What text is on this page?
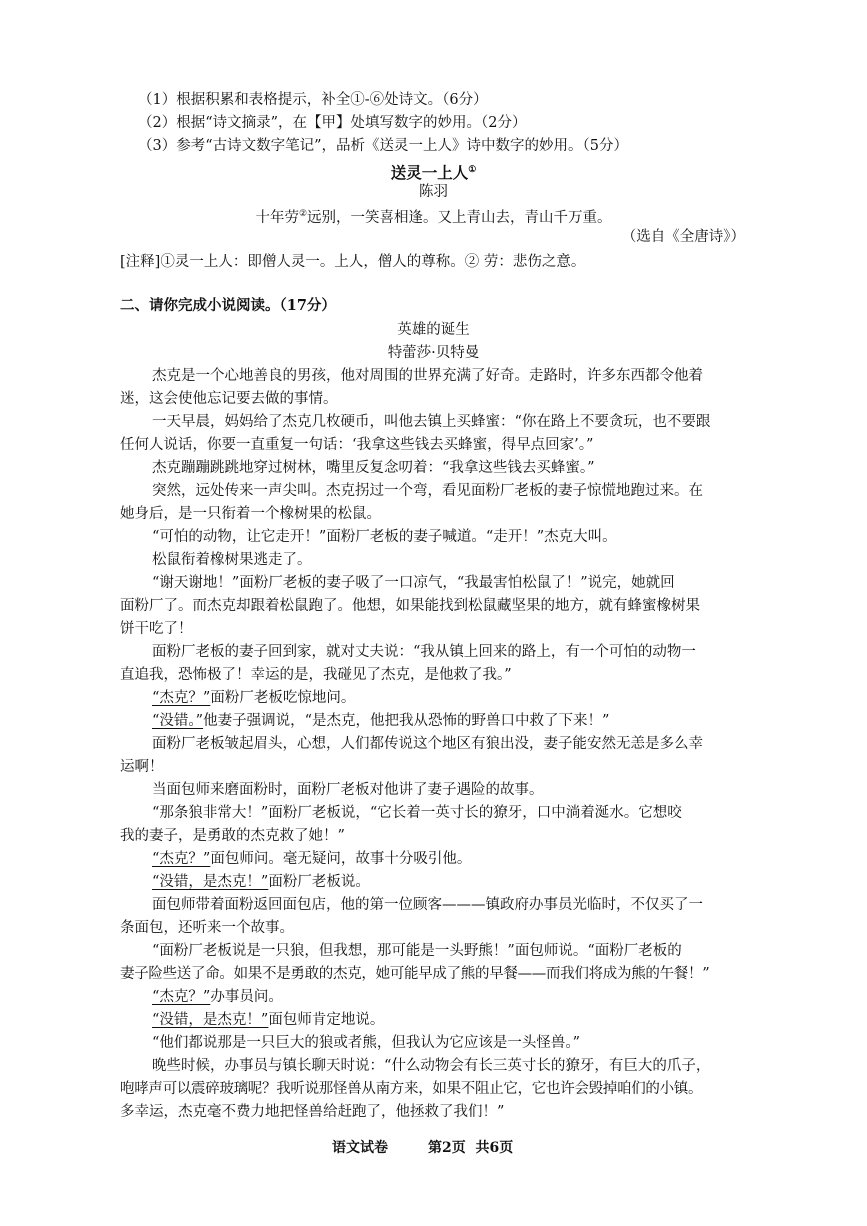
（1）根据积累和表格提示，补全①-⑥处诗文。（6分）
（2）根据“诗文摘录”，在【甲】处填写数字的妙用。（2分）
（3）参考“古诗文数字笔记”，品析《送灵一上人》诗中数字的妙用。（5分）
送灵一上人①
陈羽
十年劳②远别，一笑喜相逢。又上青山去，青山千万重。
（选自《全唐诗》）
[注释]①灵一上人：即僧人灵一。上人，僧人的尊称。② 劳：悲伤之意。
二、请你完成小说阅读。（17分）
英雄的诞生
特蕾莎·贝特曼
杰克是一个心地善良的男孩，他对周围的世界充满了好奇。走路时，许多东西都令他着
迷，这会使他忘记要去做的事情。
一天早晨，妈妈给了杰克几枚硬币，叫他去镇上买蜂蜜：“你在路上不要贪玩，也不要跟
任何人说话，你要一直重复一句话：‘我拿这些钱去买蜂蜜，得早点回家’。”
杰克蹦蹦跳跳地穿过树林，嘴里反复念叨着：“我拿这些钱去买蜂蜜。”
突然，远处传来一声尖叫。杰克拐过一个弯，看见面粉厂老板的妻子惊慌地跑过来。在
她身后，是一只衔着一个橡树果的松鼠。
“可怕的动物，让它走开！”面粉厂老板的妻子喊道。“走开！”杰克大叫。
松鼠衔着橡树果逃走了。
“谢天谢地！”面粉厂老板的妻子吸了一口凉气，“我最害怕松鼠了！”说完，她就回
面粉厂了。而杰克却跟着松鼠跑了。他想，如果能找到松鼠藏坚果的地方，就有蜂蜜橡树果
饼干吃了！
面粉厂老板的妻子回到家，就对丈夫说：“我从镇上回来的路上，有一个可怕的动物一
直追我，恐怖极了！幸运的是，我碰见了杰克，是他救了我。”
“杰克？”面粉厂老板吃惊地问。
“没错。”他妻子强调说，“是杰克，他把我从恐怖的野兽口中救了下来！”
面粉厂老板皱起眉头，心想，人们都传说这个地区有狼出没，妻子能安然无恙是多么幸
运啊！
当面包师来磨面粉时，面粉厂老板对他讲了妻子遇险的故事。
“那条狼非常大！”面粉厂老板说，“它长着一英寸长的獠牙，口中淌着涎水。它想咬
我的妻子，是勇敢的杰克救了她！”
“杰克？”面包师问。毫无疑问，故事十分吸引他。
“没错，是杰克！”面粉厂老板说。
面包师带着面粉返回面包店，他的第一位顾客———镇政府办事员光临时，不仅买了一
条面包，还听来一个故事。
“面粉厂老板说是一只狼，但我想，那可能是一头野熊！”面包师说。“面粉厂老板的
妻子险些送了命。如果不是勇敢的杰克，她可能早成了熊的早餐——而我们将成为熊的午餐！”
“杰克？”办事员问。
“没错，是杰克！”面包师肯定地说。
“他们都说那是一只巨大的狼或者熊，但我认为它应该是一头怪兽。”
晚些时候，办事员与镇长聊天时说：“什么动物会有长三英寸长的獠牙，有巨大的爪子，
咆哮声可以震碎玻璃呢？我听说那怪兽从南方来，如果不阻止它，它也许会毁掉咱们的小镇。
多幸运，杰克毫不费力地把怪兽给赶跑了，他拯救了我们！”
语文试卷	第2页  共6页
